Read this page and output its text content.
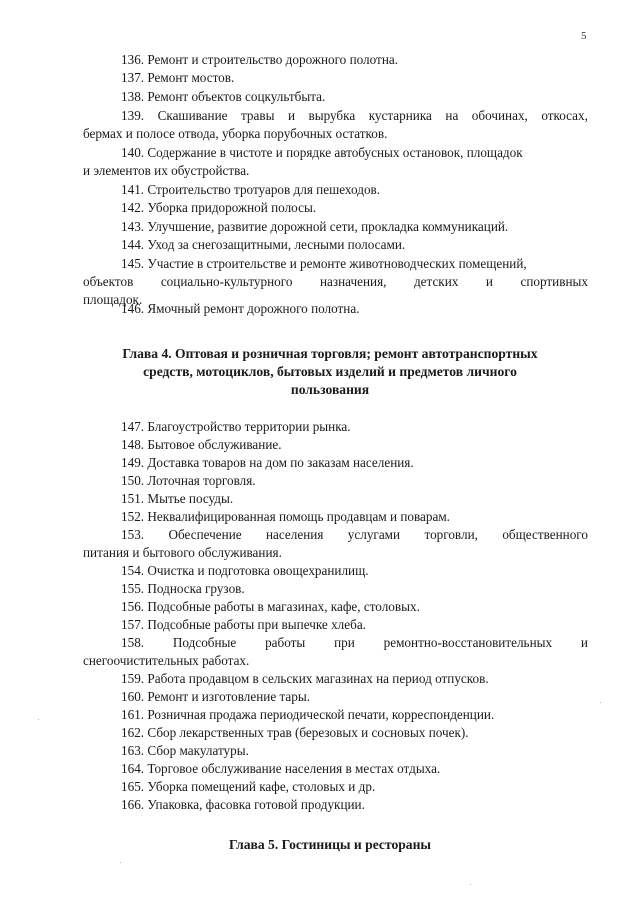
5
136. Ремонт и строительство дорожного полотна.
137. Ремонт мостов.
138. Ремонт объектов соцкультбыта.
139. Скашивание травы и вырубка кустарника на обочинах, откосах,
бермах и полосе отвода, уборка порубочных остатков.
140. Содержание в чистоте и порядке автобусных остановок, площадок
и элементов их обустройства.
141. Строительство тротуаров для пешеходов.
142. Уборка придорожной полосы.
143. Улучшение, развитие дорожной сети, прокладка коммуникаций.
144. Уход за снегозащитными, лесными полосами.
145. Участие в строительстве и ремонте животноводческих помещений,
объектов социально-культурного назначения, детских и спортивных
площадок.
146. Ямочный ремонт дорожного полотна.
Глава 4. Оптовая и розничная торговля; ремонт автотранспортных
средств, мотоциклов, бытовых изделий и предметов личного
пользования
147. Благоустройство территории рынка.
148. Бытовое обслуживание.
149. Доставка товаров на дом по заказам населения.
150. Лоточная торговля.
151. Мытье посуды.
152. Неквалифицированная помощь продавцам и поварам.
153. Обеспечение населения услугами торговли, общественного
питания и бытового обслуживания.
154. Очистка и подготовка овощехранилищ.
155. Подноска грузов.
156. Подсобные работы в магазинах, кафе, столовых.
157. Подсобные работы при выпечке хлеба.
158. Подсобные работы при ремонтно-восстановительных и
снегоочистительных работах.
159. Работа продавцом в сельских магазинах на период отпусков.
160. Ремонт и изготовление тары.
161. Розничная продажа периодической печати, корреспонденции.
162. Сбор лекарственных трав (березовых и сосновых почек).
163. Сбор макулатуры.
164. Торговое обслуживание населения в местах отдыха.
165. Уборка помещений кафе, столовых и др.
166. Упаковка, фасовка готовой продукции.
Глава 5. Гостиницы и рестораны
